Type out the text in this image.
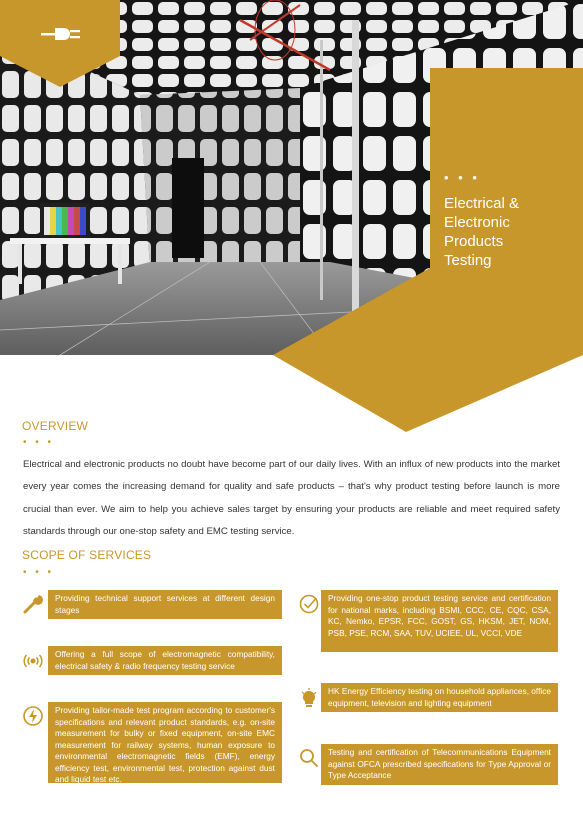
• • •
Electrical &
Electronic
Products
Testing
OVERVIEW
• • •
Electrical and electronic products no doubt have become part of our daily lives. With an influx of new products into the market every year comes the increasing demand for quality and safe products – that's why product testing before launch is more crucial than ever. We aim to help you achieve sales target by ensuring your products are reliable and meet required safety standards through our one-stop safety and EMC testing service.
SCOPE OF SERVICES
• • •
Providing technical support services at different design stages
Offering a full scope of electromagnetic compatibility, electrical safety & radio frequency testing service
Providing tailor-made test program according to customer's specifications and relevant product standards, e.g. on-site measurement for bulky or fixed equipment, on-site EMC measurement for railway systems, human exposure to environmental electromagnetic fields (EMF), energy efficiency test, environmental test, protection against dust and liquid test etc.
Providing one-stop product testing service and certification for national marks, including BSMI, CCC, CE, CQC, CSA, KC, Nemko, EPSR, FCC, GOST, GS, HKSM, JET, NOM, PSB, PSE, RCM, SAA, TUV, UCIEE, UL, VCCI, VDE
HK Energy Efficiency testing on household appliances, office equipment, television and lighting equipment
Testing and certification of Telecommunications Equipment against OFCA prescribed specifications for Type Approval or Type Acceptance
